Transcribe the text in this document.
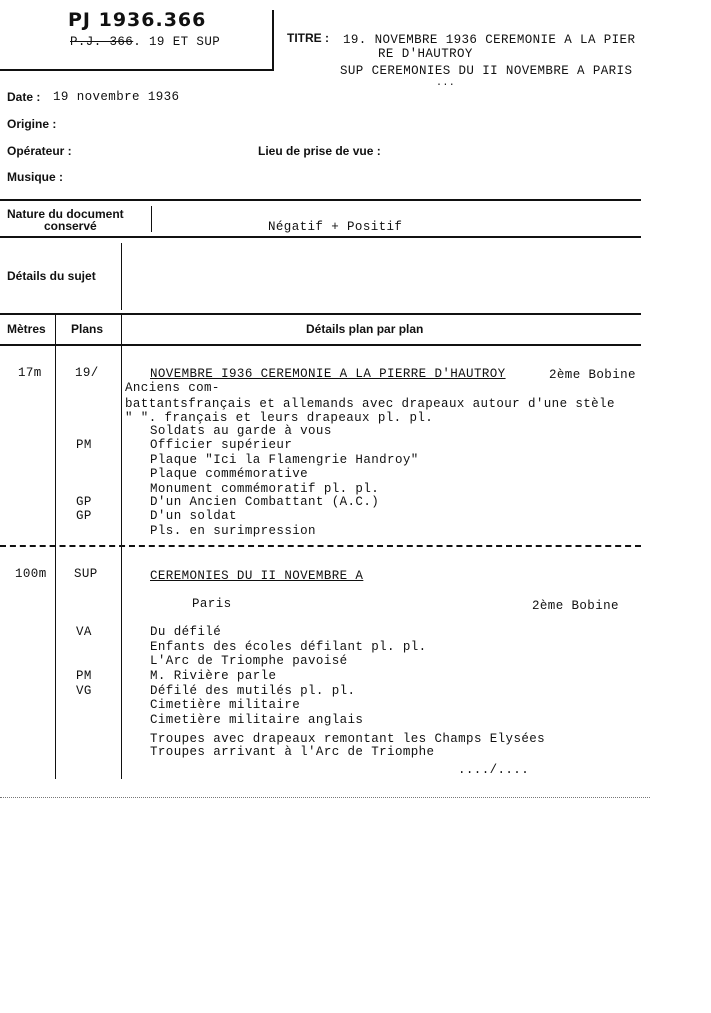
PJ 1936.366
P.J. 366. 19 ET SUP	TITRE : 19. NOVEMBRE 1936 CEREMONIE A LA PIER
RE D'HAUTROY
SUP CEREMONIES DU II NOVEMBRE A PARIS
...
Date : 19 novembre 1936
Origine :
Opérateur :	Lieu de prise de vue :
Musique :
Nature du document
conservé	Négatif + Positif
Détails du sujet
Mètres Plans	Détails plan par plan
17m	19/	NOVEMBRE I936 CEREMONIE A LA PIERRE D'HAUTROY	2ème Bobine
Anciens com-
battantsfrançais et allemands avec drapeaux autour d'une stèle
" ". français et leurs drapeaux pl. pl.
Soldats au garde à vous
PM	Officier supérieur
Plaque "Ici la Flamengrie Handroy"
Plaque commémorative
Monument commémoratif pl. pl.
GP	D'un Ancien Combattant (A.C.)
GP	D'un soldat
Pls. en surimpression
100m SUP	CEREMONIES DU II NOVEMBRE A
Paris	2ème Bobine
VA	Du défilé
Enfants des écoles défilant pl. pl.
L'Arc de Triomphe pavoisé
PM	M. Rivière parle
VG	Défilé des mutilés pl. pl.
Cimetière militaire
Cimetière militaire anglais
Troupes avec drapeaux remontant les Champs Elysées
Troupes arrivant à l'Arc de Triomphe
..../....
